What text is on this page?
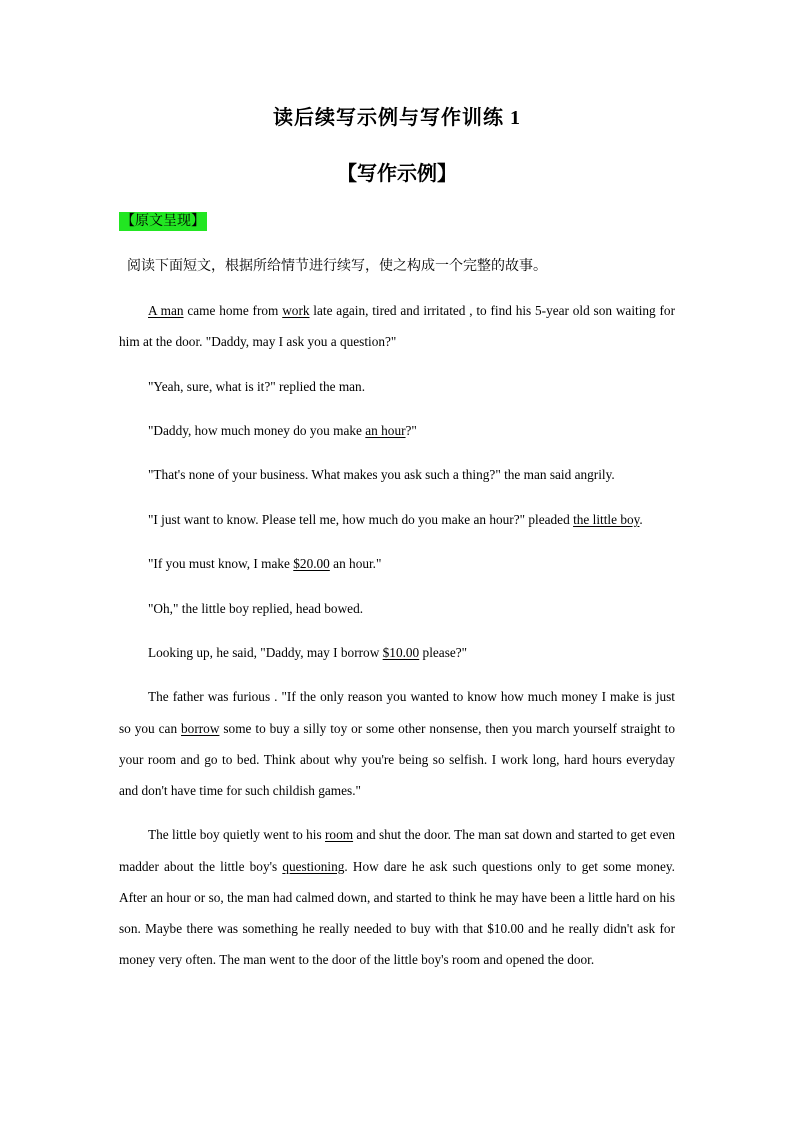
读后续写示例与写作训练 1
【写作示例】
【原文呈现】
阅读下面短文，根据所给情节进行续写，使之构成一个完整的故事。

A man came home from work late again, tired and irritated , to find his 5-year old son waiting for him at the door. "Daddy, may I ask you a question?"

"Yeah, sure, what is it?" replied the man.

"Daddy, how much money do you make an hour?"

"That's none of your business. What makes you ask such a thing?" the man said angrily.

"I just want to know. Please tell me, how much do you make an hour?" pleaded the little boy.

"If you must know, I make $20.00 an hour."

"Oh," the little boy replied, head bowed.

Looking up, he said, "Daddy, may I borrow $10.00 please?"

The father was furious . "If the only reason you wanted to know how much money I make is just so you can borrow some to buy a silly toy or some other nonsense, then you march yourself straight to your room and go to bed. Think about why you're being so selfish. I work long, hard hours everyday and don't have time for such childish games."

The little boy quietly went to his room and shut the door. The man sat down and started to get even madder about the little boy's questioning. How dare he ask such questions only to get some money. After an hour or so, the man had calmed down, and started to think he may have been a little hard on his son. Maybe there was something he really needed to buy with that $10.00 and he really didn't ask for money very often. The man went to the door of the little boy's room and opened the door.
